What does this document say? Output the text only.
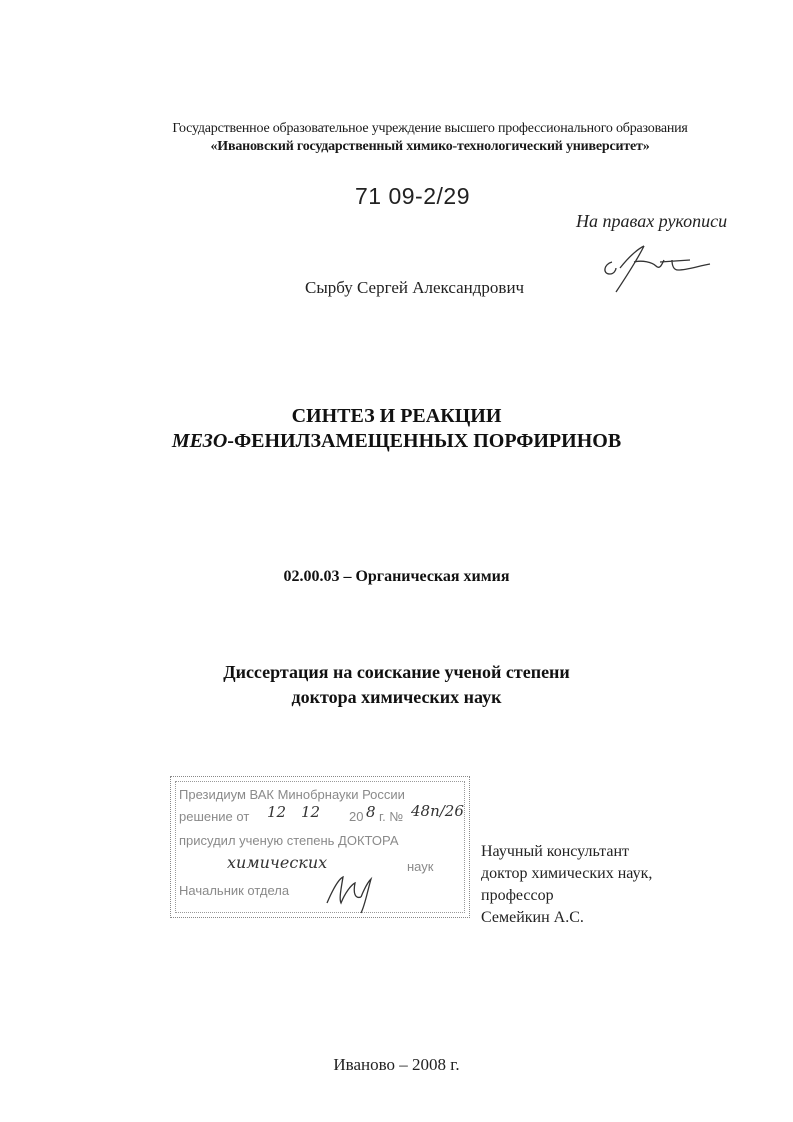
Государственное образовательное учреждение высшего профессионального образования
«Ивановский государственный химико-технологический университет»
71 09-2/29
На правах рукописи
Сырбу Сергей Александрович
СИНТЕЗ И РЕАКЦИИ
МЕЗО-ФЕНИЛЗАМЕЩЕННЫХ ПОРФИРИНОВ
02.00.03 – Органическая химия
Диссертация на соискание ученой степени
доктора химических наук
Президиум ВАК Минобрнауки России
решение от 12 12 20 8 г. № 48п/26
присудил ученую степень ДОКТОРА
химических	наук
Начальник отдела
Научный консультант
доктор химических наук,
профессор
Семейкин А.С.
Иваново – 2008 г.
